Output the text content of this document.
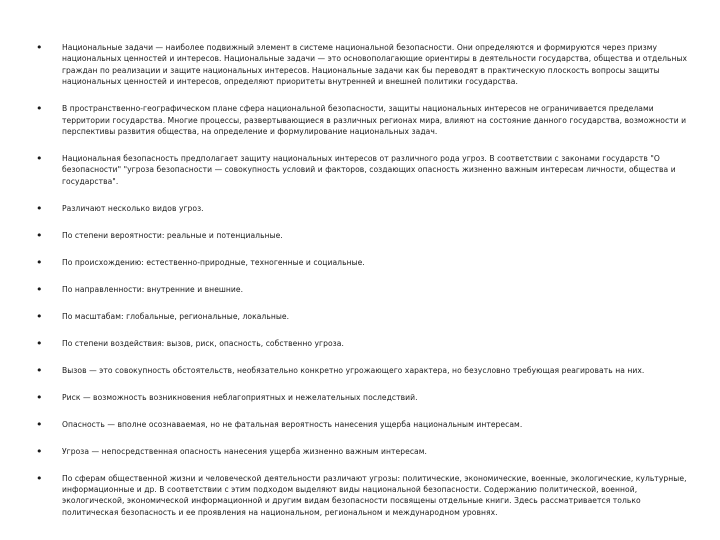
•	Национальные задачи — наиболее подвижный элемент в системе национальной безопасности. Они определяются и формируются через призму национальных ценностей и интересов. Национальные задачи — это основополагающие ориентиры в деятельности государства, общества и отдельных граждан по реализации и защите национальных интересов. Национальные задачи как бы переводят в практическую плоскость вопросы защиты национальных ценностей и интересов, определяют приоритеты внутренней и внешней политики государства.
•	В пространственно-географическом плане сфера национальной безопасности, защиты национальных интересов не ограничивается пределами территории государства. Многие процессы, развертывающиеся в различных регионах мира, влияют на состояние данного государства, возможности и перспективы развития общества, на определение и формулирование национальных задач.
•	Национальная безопасность предполагает защиту национальных интересов от различного рода угроз. В соответствии с законами государств "О безопасности" "угроза безопасности — совокупность условий и факторов, создающих опасность жизненно важным интересам личности, общества и государства".
•	Различают несколько видов угроз.
•	По степени вероятности: реальные и потенциальные.
•	По происхождению: естественно-природные, техногенные и социальные.
•	По направленности: внутренние и внешние.
•	По масштабам: глобальные, региональные, локальные.
•	По степени воздействия: вызов, риск, опасность, собственно угроза.
•	Вызов — это совокупность обстоятельств, необязательно конкретно угрожающего характера, но безусловно требующая реагировать на них.
•	Риск — возможность возникновения неблагоприятных и нежелательных последствий.
•	Опасность — вполне осознаваемая, но не фатальная вероятность нанесения ущерба национальным интересам.
•	Угроза — непосредственная опасность нанесения ущерба жизненно важным интересам.
•	По сферам общественной жизни и человеческой деятельности различают угрозы: политические, экономические, военные, экологические, культурные, информационные и др. В соответствии с этим подходом выделяют виды национальной безопасности. Содержанию политической, военной, экологической, экономической информационной и другим видам безопасности посвящены отдельные книги. Здесь рассматривается только политическая безопасность и ее проявления на национальном, региональном и международном уровнях.
